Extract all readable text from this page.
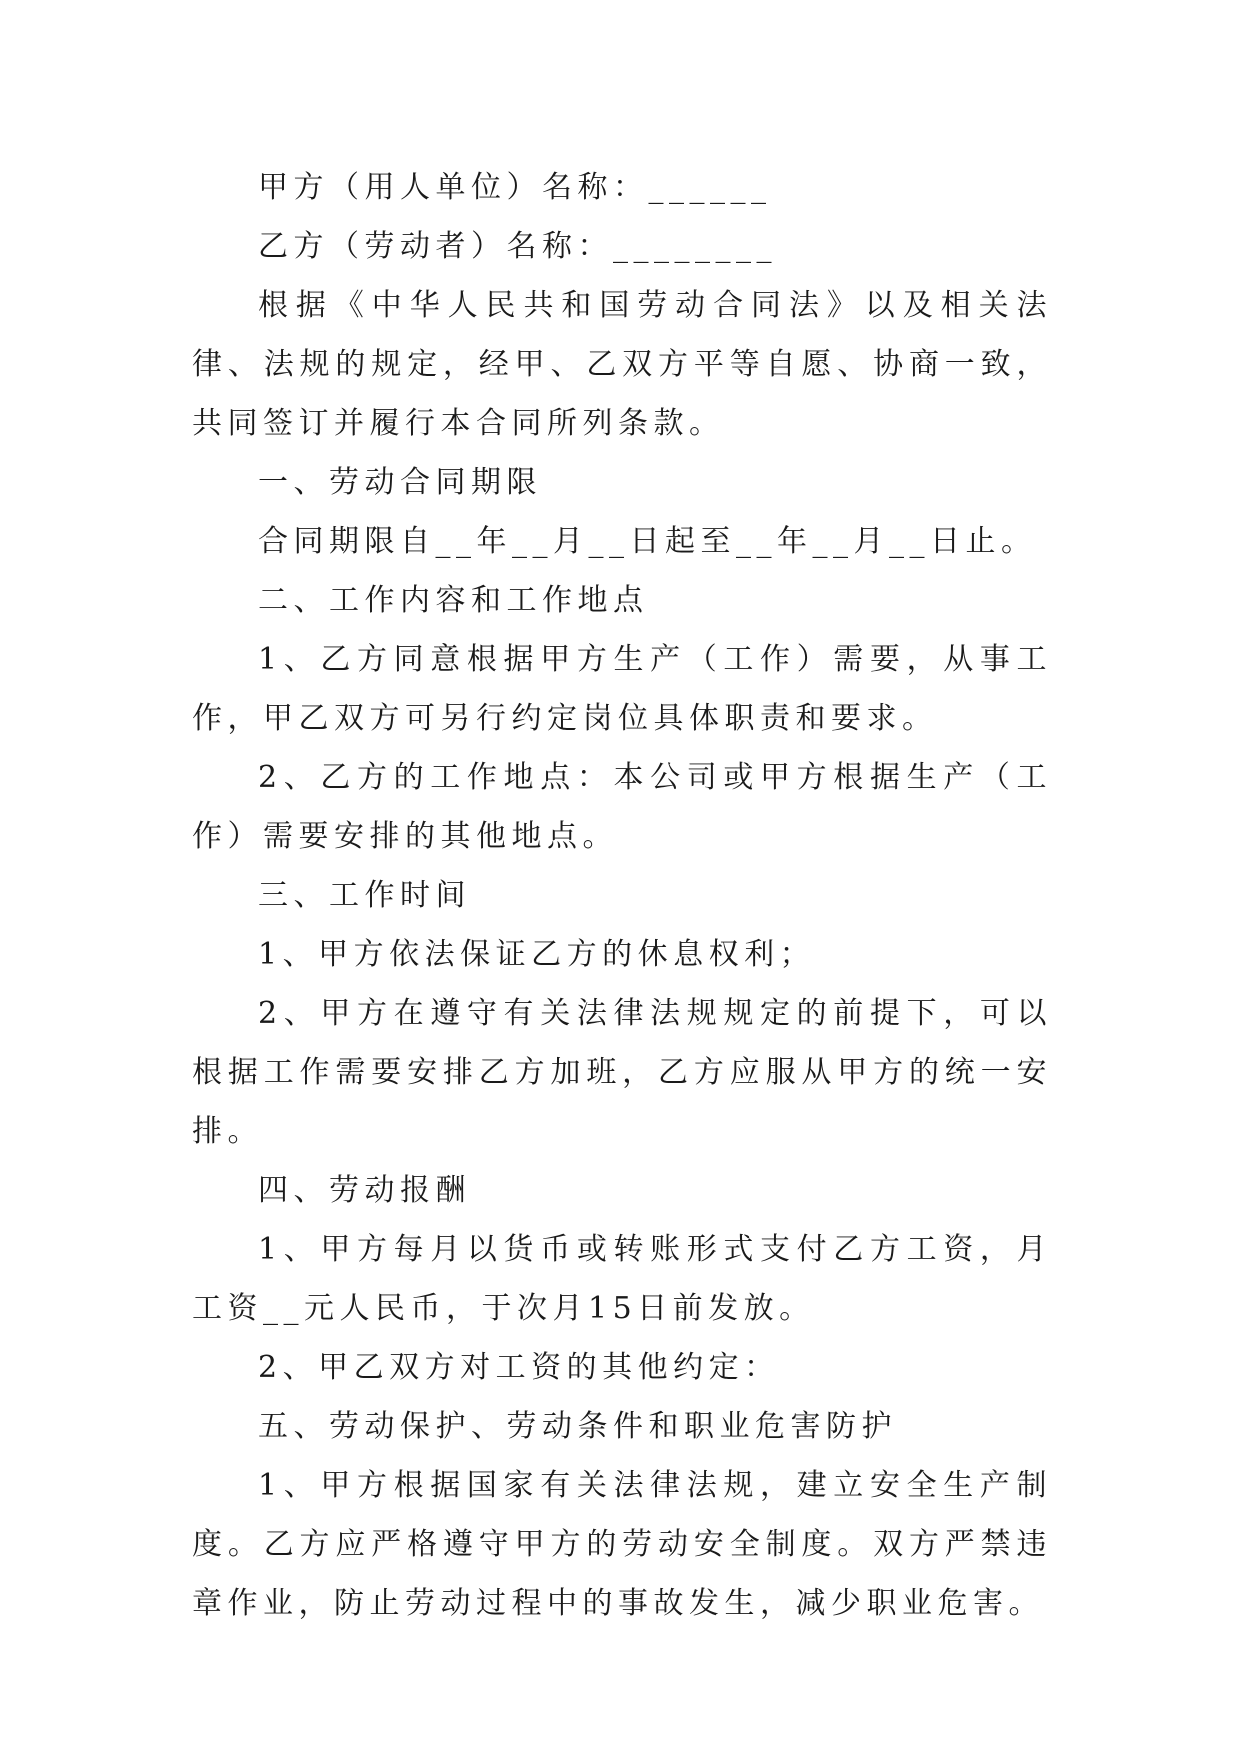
甲方（用人单位）名称：______

乙方（劳动者）名称：________

根据《中华人民共和国劳动合同法》以及相关法律、法规的规定，经甲、乙双方平等自愿、协商一致，共同签订并履行本合同所列条款。

一、劳动合同期限

合同期限自__年__月__日起至__年__月__日止。

二、工作内容和工作地点

1、乙方同意根据甲方生产（工作）需要，从事工作，甲乙双方可另行约定岗位具体职责和要求。

2、乙方的工作地点：本公司或甲方根据生产（工作）需要安排的其他地点。

三、工作时间

1、甲方依法保证乙方的休息权利；

2、甲方在遵守有关法律法规规定的前提下，可以根据工作需要安排乙方加班，乙方应服从甲方的统一安排。

四、劳动报酬

1、甲方每月以货币或转账形式支付乙方工资，月工资__元人民币，于次月15日前发放。

2、甲乙双方对工资的其他约定：

五、劳动保护、劳动条件和职业危害防护

1、甲方根据国家有关法律法规，建立安全生产制度。乙方应严格遵守甲方的劳动安全制度。双方严禁违章作业，防止劳动过程中的事故发生，减少职业危害。
